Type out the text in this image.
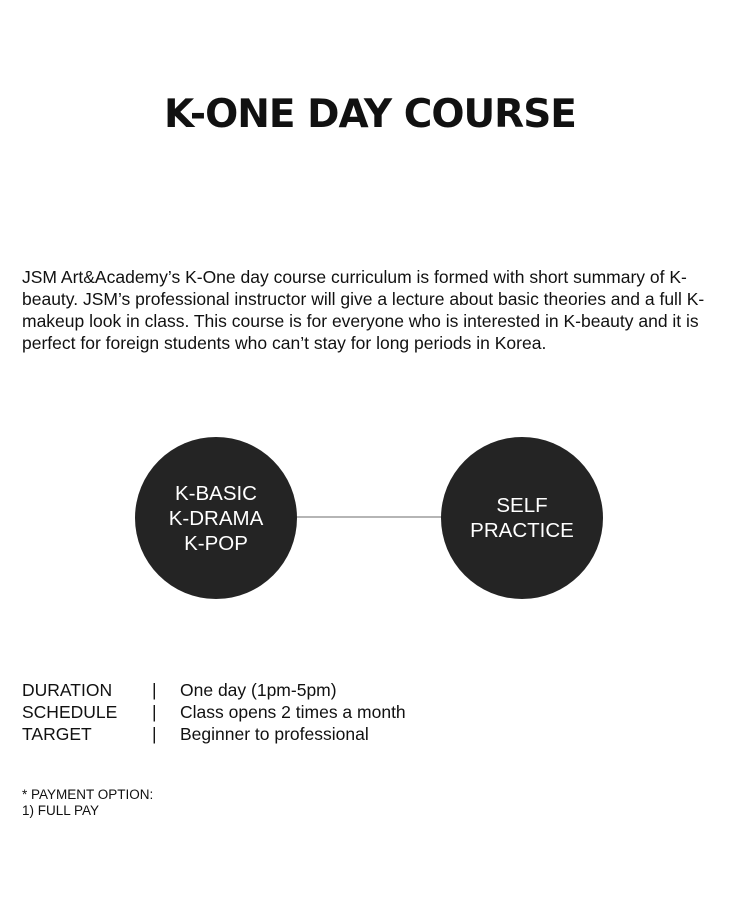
K-ONE DAY COURSE

JSM Art&Academy’s K-One day course curriculum is formed with short summary of K-beauty. JSM’s professional instructor will give a lecture about basic theories and a full K-makeup look in class. This course is for everyone who is interested in K-beauty and it is perfect for foreign students who can’t stay for long periods in Korea.

K-BASIC
K-DRAMA
K-POP
SELF
PRACTICE
DURATION	|	One day (1pm-5pm)
SCHEDULE	|	Class opens 2 times a month
TARGET	|	Beginner to professional
* PAYMENT OPTION:
1) FULL PAY
